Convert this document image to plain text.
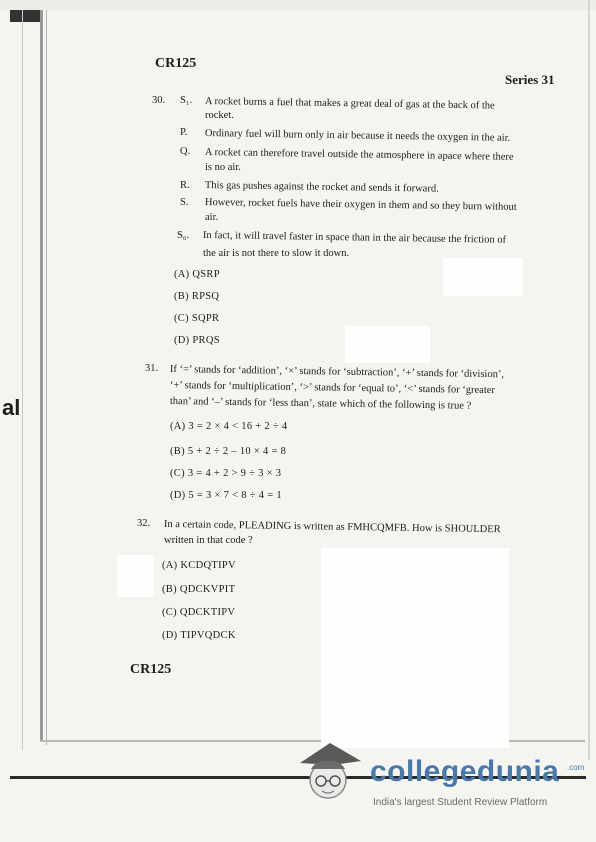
al
CR125
Series 31
30. S₁. A rocket burns a fuel that makes a great deal of gas at the back of the
rocket.
P. Ordinary fuel will burn only in air because it needs the oxygen in the air.
Q. A rocket can therefore travel outside the atmosphere in apace where there
is no air.
R. This gas pushes against the rocket and sends it forward.
S. However, rocket fuels have their oxygen in them and so they burn without
air.
S₆. In fact, it will travel faster in space than in the air because the friction of
the air is not there to slow it down.
(A) QSRP
(B) RPSQ
(C) SQPR
(D) PRQS
31. If ‘=’ stands for ‘addition’, ‘×’ stands for ‘subtraction’, ‘+’ stands for ‘division’,
‘+’ stands for ‘multiplication’, ‘>’ stands for ‘equal to’, ‘<’ stands for ‘greater
than’ and ‘–’ stands for ‘less than’, state which of the following is true ?
(A) 3 = 2 × 4 < 16 + 2 ÷ 4
(B) 5 + 2 ÷ 2 – 10 × 4 = 8
(C) 3 = 4 + 2 > 9 ÷ 3 × 3
(D) 5 = 3 × 7 < 8 ÷ 4 = 1
32. In a certain code, PLEADING is written as FMHCQMFB. How is SHOULDER
written in that code ?
(A) KCDQTIPV
(B) QDCKVPIT
(C) QDCKTIPV
(D) TIPVQDCK
CR125
collegedunia .com
India's largest Student Review Platform
